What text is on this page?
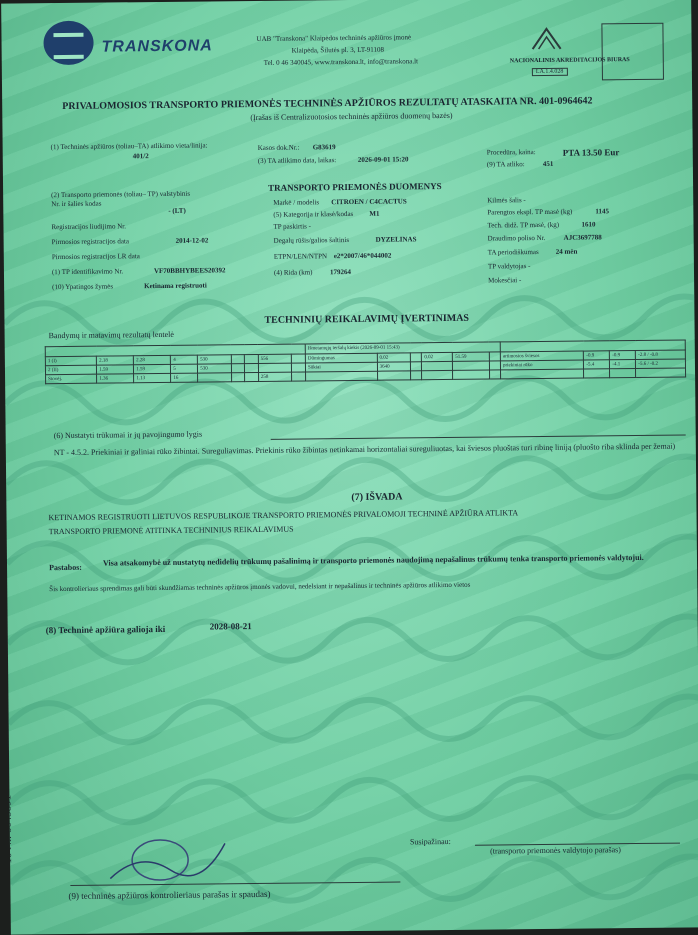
TRANSKONA	UAB "Transkona" Klaipėdos techninės apžiūros įmonė
Klaipėda, Šilutės pl. 3, LT-91108
Tel. 0 46 340045, www.transkona.lt, info@transkona.lt	NACIONALINIS AKREDITACIJOS BIURAS
LA.1.4.028
PRIVALOMOSIOS TRANSPORTO PRIEMONĖS TECHNINĖS APŽIŪROS REZULTATŲ ATASKAITA NR. 401-0964642
(Įrašas iš Centralizuotosios techninės apžiūros duomenų bazės)
(1) Techninės apžiūros (toliau–TA) atlikimo vieta/linija:
401/2
Kasos dok.Nr.: G83619
(3) TA atlikimo data, laikas:	2026-09-01 15:20
Procedūra, kaina:	PTA 13.50 Eur
(9) TA atliko:	451
(2) Transporto priemonės (toliau– TP) valstybinis Nr. ir šalies kodas
- (LT)
Registracijos liudijimo Nr.
Pirmosios registracijos data	2014-12-02
Pirmosios registracijos LR data
(1) TP identifikavimo Nr.	VF70BBHYBEES20392
(10) Ypatingos žymės	Ketinama registruoti
TRANSPORTO PRIEMONĖS DUOMENYS
Markė / modelis CITROEN / C4CACTUS
(5) Kategorija ir klasė/kodas M1
TP paskirtis -
Degalų rūšis/galios šaltinis	DYZELINAS
ETPN/LEN/NTPN e2*2007/46*044002
(4) Rida (km) 179264
Kilmės šalis -
Parengtos ekspl. TP masė (kg)	1145
Tech. didž. TP masė, (kg)	1610
Draudimo poliso Nr.	AJC3697788
TA periodiškumas 24 mėn
TP valdytojas -
Mokesčiai -
TECHNINIŲ REIKALAVIMŲ ĮVERTINIMAS
Bandymų ir matavimų rezultatų lentelė
									Išmetamųjų teršalų kiekis (2026-09-01 15:43)									
1 (I)	2.18	2.28	4	530			556		Dūmingumas	0.02		0.02	51.59		artimosios šviesos	-0.9	-0.9	-2.8 / -0.8
2 (II)	1.59	1.59	5	530					Sūkiai	3640					priekiniai rūko	-5.4	-4.1	-5.6 / -0.2
Stovėj.	1.36	1.13	16				258											
(6) Nustatyti trūkumai ir jų pavojingumo lygis
NT - 4.5.2. Priekiniai ir galiniai rūko žibintai. Sureguliavimas. Priekinis rūko žibintas netinkamai horizontaliai sureguliuotas, kai šviesos pluoštas turi ribinę liniją (pluošto riba sklinda per žemai)
(7) IŠVADA
KETINAMOS REGISTRUOTI LIETUVOS RESPUBLIKOJE TRANSPORTO PRIEMONĖS PRIVALOMOJI TECHNINĖ APŽIŪRA ATLIKTA
TRANSPORTO PRIEMONĖ ATITINKA TECHNINIUS REIKALAVIMUS
Pastabos:	Visa atsakomybė už nustatytų nedidelių trūkumų pašalinimą ir transporto priemonės naudojimą nepašalinus trūkumų tenka transporto priemonės valdytojui.
Šis kontrolieriaus sprendimas gali būti skundžiamas techninės apžiūros įmonės vadovui, nedelsiant ir nepašalinus ir techninės apžiūros atlikimo vietos
(8) Techninė apžiūra galioja iki	2028-08-21
(9) techninės apžiūros kontrolieriaus parašas ir spaudas)
Susipažinau:
(transporto priemonės valdytojo parašas)
10 Nr. 6645891
